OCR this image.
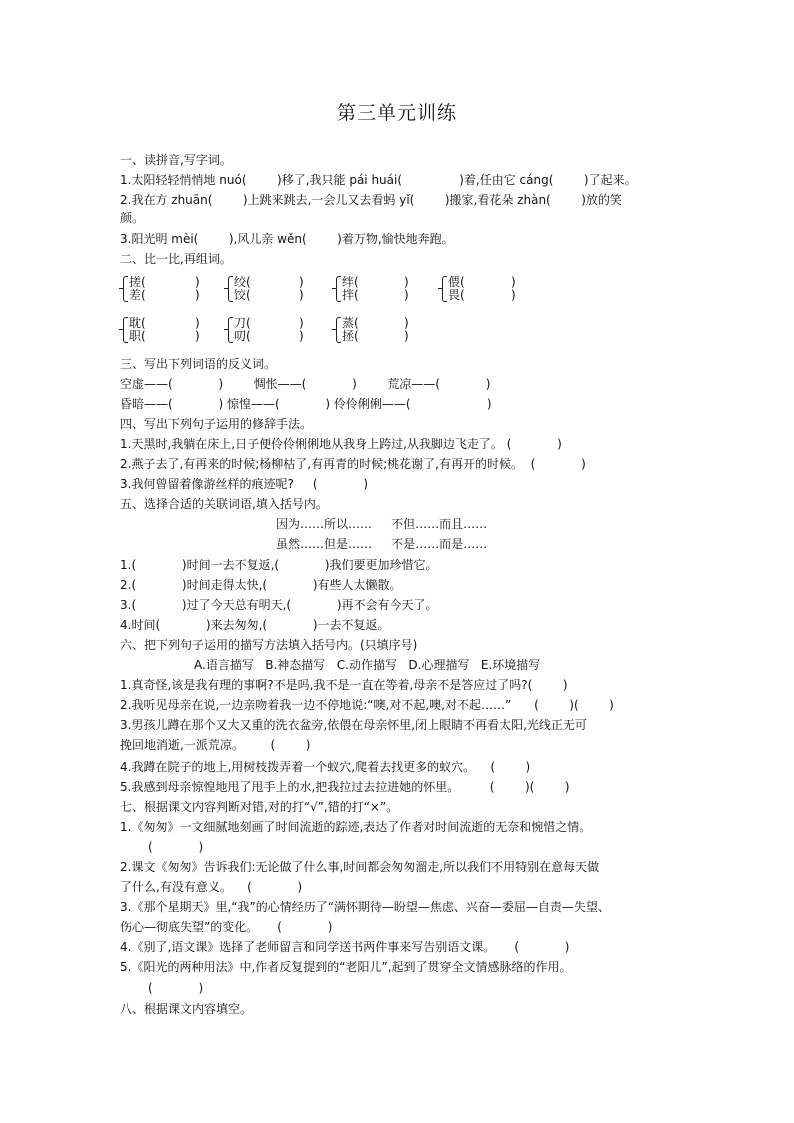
第三单元训练
一、读拼音,写字词。
1.太阳轻轻悄悄地 nuó(        )移了,我只能 pái huái(               )着,任由它 cáng(        )了起来。
2.我在方 zhuān(        )上跳来跳去,一会儿又去看蚂 yǐ(        )搬家,看花朵 zhàn(        )放的笑
颜。
3.阳光明 mèi(        ),风儿亲 wěn(        )着万物,愉快地奔跑。
二、比一比,再组词。
搓(
差(
)
)
绞(
饺(
)
)
绊(
拌(
)
)
偎(
畏(
)
)
耽(
职(
)
)
刀(
叨(
)
)
蒸(
拯(
)
)
三、写出下列词语的反义词。
空虚——(            )        惆怅——(            )        荒凉——(            )
昏暗——(            ) 惊惶——(            ) 伶伶俐俐——(                    )
四、写出下列句子运用的修辞手法。
1.天黑时,我躺在床上,日子便伶伶俐俐地从我身上跨过,从我脚边飞走了。 (            )
2.燕子去了,有再来的时候;杨柳枯了,有再青的时候;桃花谢了,有再开的时候。  (            )
3.我何曾留着像游丝样的痕迹呢?     (            )
五、选择合适的关联词语,填入括号内。
因为……所以……     不但……而且……
虽然……但是……     不是……而是……
1.(            )时间一去不复返,(            )我们要更加珍惜它。
2.(            )时间走得太快,(            )有些人太懒散。
3.(            )过了今天总有明天,(            )再不会有今天了。
4.时间(            )来去匆匆,(            )一去不复返。
六、把下列句子运用的描写方法填入括号内。(只填序号)
A.语言描写   B.神态描写   C.动作描写   D.心理描写   E.环境描写
1.真奇怪,该是我有理的事啊?不是吗,我不是一直在等着,母亲不是答应过了吗?(        )
2.我听见母亲在说,一边亲吻着我一边不停地说:“噢,对不起,噢,对不起……”      (        )(        )
3.男孩儿蹲在那个又大又重的洗衣盆旁,依偎在母亲怀里,闭上眼睛不再看太阳,光线正无可
挽回地消逝,一派荒凉。       (        )
4.我蹲在院子的地上,用树枝拨弄着一个蚁穴,爬着去找更多的蚁穴。    (        )
5.我感到母亲惊惶地甩了甩手上的水,把我拉过去拉进她的怀里。        (        )(        )
七、根据课文内容判断对错,对的打“√”,错的打“×”。
1.《匆匆》一文细腻地刻画了时间流逝的踪迹,表达了作者对时间流逝的无奈和惋惜之情。
(            )
2.课文《匆匆》告诉我们:无论做了什么事,时间都会匆匆溜走,所以我们不用特别在意每天做
了什么,有没有意义。    (            )
3.《那个星期天》里,“我”的心情经历了“满怀期待—盼望—焦虑、兴奋—委屈—自责—失望、
伤心—彻底失望”的变化。     (            )
4.《别了,语文课》选择了老师留言和同学送书两件事来写告别语文课。     (            )
5.《阳光的两种用法》中,作者反复提到的“老阳儿”,起到了贯穿全文情感脉络的作用。
(            )
八、根据课文内容填空。
